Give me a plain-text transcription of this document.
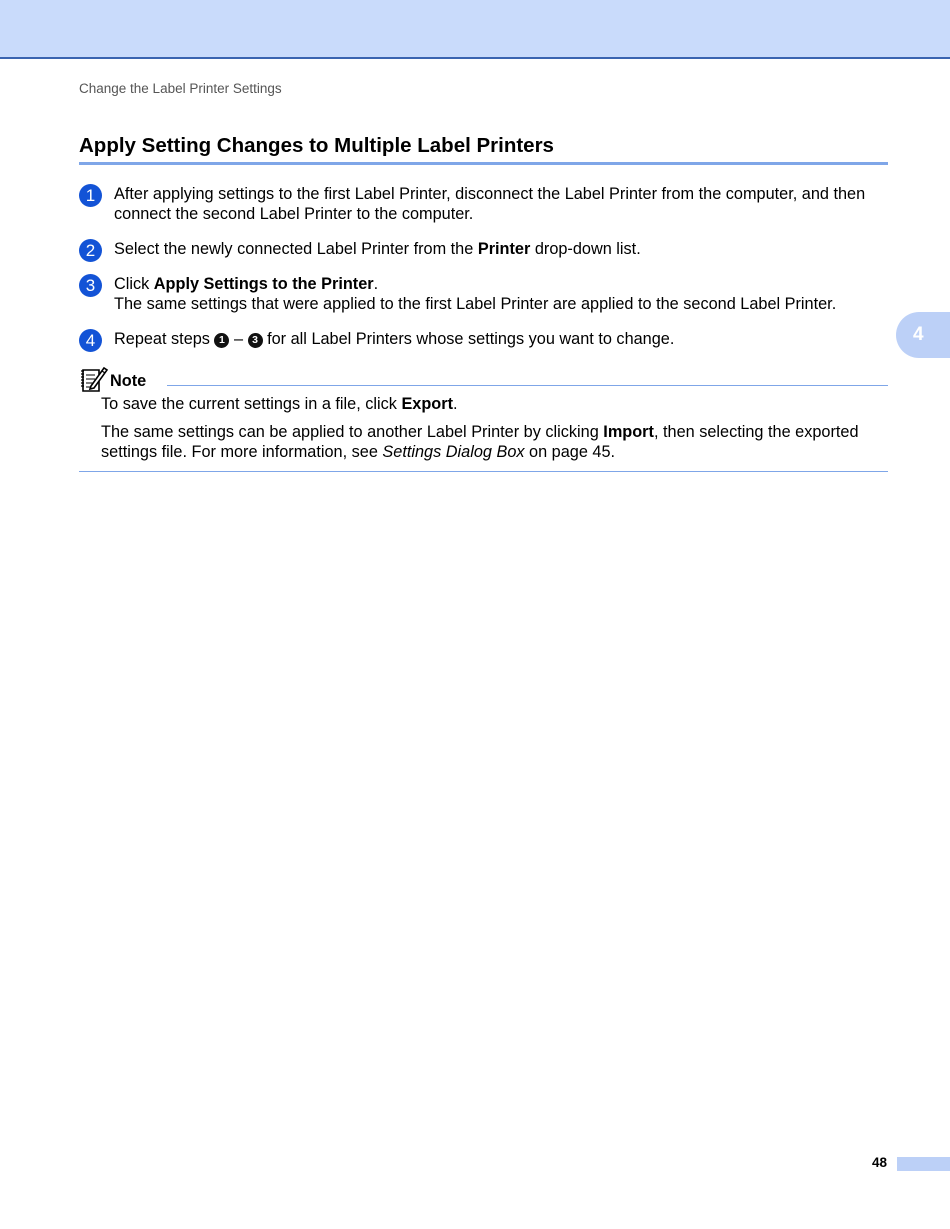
Change the Label Printer Settings
Apply Setting Changes to Multiple Label Printers
1	After applying settings to the first Label Printer, disconnect the Label Printer from the computer, and then connect the second Label Printer to the computer.
2	Select the newly connected Label Printer from the Printer drop-down list.
3	Click Apply Settings to the Printer.
The same settings that were applied to the first Label Printer are applied to the second Label Printer.
4	Repeat steps 1 – 3 for all Label Printers whose settings you want to change.
Note

To save the current settings in a file, click Export.

The same settings can be applied to another Label Printer by clicking Import, then selecting the exported settings file. For more information, see Settings Dialog Box on page 45.

4
48
